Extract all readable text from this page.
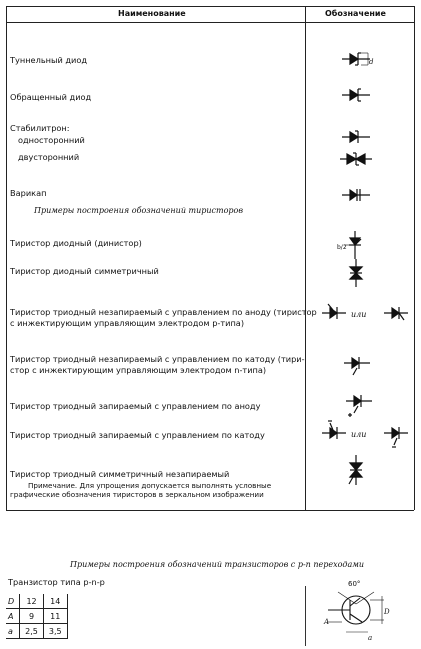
Наименование	Обозначение
Туннельный диод
Обращенный диод
Стабилитрон:
односторонний
двусторонний
Варикап
Примеры построения обозначений тиристоров
Тиристор диодный (динистор)
Тиристор диодный симметричный
Тиристор триодный незапираемый с управлением по аноду (тиристор
с инжектирующим управляющим электродом р-типа)
Тиристор триодный незапираемый с управлением по катоду (тири-
стор с инжектирующим управляющим электродом n-типа)
Тиристор триодный запираемый с управлением по аноду
Тиристор триодный запираемый с управлением по катоду
Тиристор триодный симметричный незапираемый
Примечание. Для упрощения допускается выполнять условные
графические обозначения тиристоров в зеркальном изображении
d
b/2
или
или
Примеры построения обозначений транзисторов с р-n переходами
Транзистор типа р-n-р
D	12	14
A	9	11
a	2,5	3,5
60°
A
D
a
